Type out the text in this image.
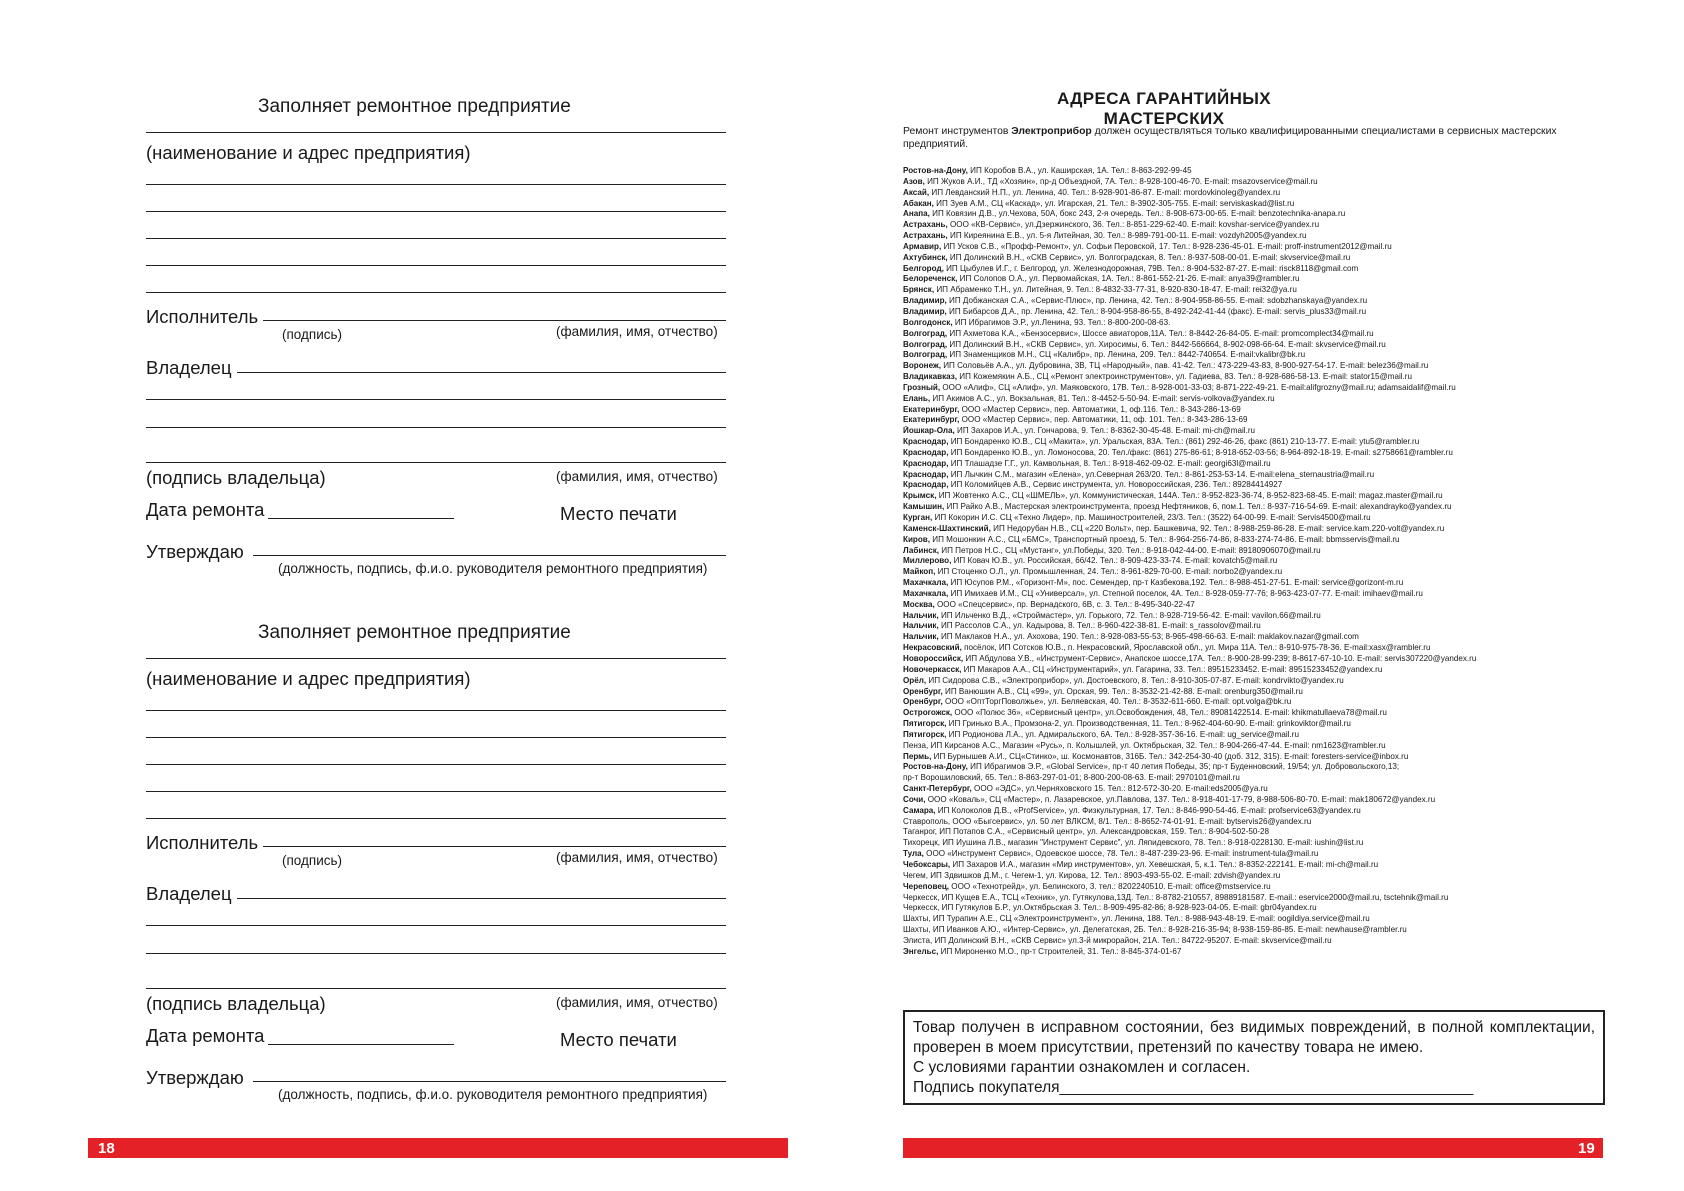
Заполняет ремонтное предприятие
(наименование и адрес предприятия)
Исполнитель
(подпись)	(фамилия, имя, отчество)
Владелец
(подпись владельца)	(фамилия, имя, отчество)
Дата ремонта	Место печати
Утверждаю
(должность, подпись, ф.и.о. руководителя ремонтного предприятия)
Заполняет ремонтное предприятие
(наименование и адрес предприятия)
Исполнитель
(подпись)	(фамилия, имя, отчество)
Владелец
(подпись владельца)	(фамилия, имя, отчество)
Дата ремонта	Место печати
Утверждаю
(должность, подпись, ф.и.о. руководителя ремонтного предприятия)
18
АДРЕСА ГАРАНТИЙНЫХ МАСТЕРСКИХ
Ремонт инструментов Электроприбор должен осуществляться только квалифицированными специалистами в сервисных мастерских предприятий.
Ростов-на-Дону, ИП Коробов В.А., ул. Каширская, 1А. Тел.: 8-863-292-99-45
Азов, ИП Жуков А.И., ТД «Хозяин», пр-д Объездной, 7А. Тел.: 8-928-100-46-70. E-mail: msazovservice@mail.ru
Аксай, ИП Левданский Н.П., ул. Ленина, 40. Тел.: 8-928-901-86-87. E-mail: mordovkinoleg@yandex.ru
Абакан, ИП Зуев А.М., СЦ «Каскад», ул. Игарская, 21. Тел.: 8-3902-305-755. E-mail: serviskaskad@list.ru
Анапа, ИП Ковязин Д.В., ул.Чехова, 50А, бокс 243, 2-я очередь. Тел.: 8-908-673-00-65. E-mail: benzotechnika-anapa.ru
Астрахань, ООО «КВ-Сервис», ул.Дзержинского, 36. Тел.: 8-851-229-62-40. E-mail: kovshar-service@yandex.ru
Астрахань, ИП Киреянина Е.В., ул. 5-я Литейная, 30. Тел.: 8-989-791-00-11. E-mail: vozdyh2005@yandex.ru
Армавир, ИП Усков С.В., «Профф-Ремонт», ул. Софьи Перовской, 17. Тел.: 8-928-236-45-01. E-mail: proff-instrument2012@mail.ru
Ахтубинск, ИП Долинский В.Н., «СКВ Сервис», ул. Волгоградская, 8. Тел.: 8-937-508-00-01. E-mail: skvservice@mail.ru
Белгород, ИП Цыбулев И.Г., г. Белгород, ул. Железнодорожная, 79В. Тел.: 8-904-532-87-27. E-mail: risck8118@gmail.com
Белореченск, ИП Солопов О.А., ул. Первомайская, 1А. Тел.: 8-861-552-21-26. E-mail: anya39@rambler.ru
Брянск, ИП Абраменко Т.Н., ул. Литейная, 9. Тел.: 8-4832-33-77-31, 8-920-830-18-47. E-mail: rei32@ya.ru
Владимир, ИП Добжанская С.А., «Сервис-Плюс», пр. Ленина, 42. Тел.: 8-904-958-86-55. E-mail: sdobzhanskaya@yandex.ru
Владимир, ИП Бибарсов Д.А., пр. Ленина, 42. Тел.: 8-904-958-86-55, 8-492-242-41-44 (факс). E-mail: servis_plus33@mail.ru
Волгодонск, ИП Ибрагимов Э.Р., ул.Ленина, 93. Тел.: 8-800-200-08-63.
Волгоград, ИП Ахметова К.А., «Бензосервис», Шоссе авиаторов,11А. Тел.: 8-8442-26-84-05. E-mail: promcomplect34@mail.ru
Волгоград, ИП Долинский В.Н., «СКВ Сервис», ул. Хиросимы, 6. Тел.: 8442-566664, 8-902-098-66-64. E-mail: skvservice@mail.ru
Волгоград, ИП Знаменщиков М.Н., СЦ «Калибр», пр. Ленина, 209. Тел.: 8442-740654. E-mail:vkalibr@bk.ru
Воронеж, ИП Соловьёв А.А., ул. Дубровина, 3В, ТЦ «Народный», пав. 41-42. Тел.: 473-229-43-83, 8-900-927-54-17. E-mail: belez36@mail.ru
Владикавказ, ИП Кожемякин А.Б., СЦ «Ремонт электроинструментов», ул. Гадиева, 83. Тел.: 8-928-686-58-13. E-mail: stator15@mail.ru
Грозный, ООО «Алиф», СЦ «Алиф», ул. Маяковского, 17В. Тел.: 8-928-001-33-03; 8-871-222-49-21. E-mail:alifgrozny@mail.ru; adamsaidalif@mail.ru
Елань, ИП Акимов А.С., ул. Вокзальная, 81. Тел.: 8-4452-5-50-94. E-mail: servis-volkova@yandex.ru
Екатеринбург, ООО «Мастер Сервис», пер. Автоматики, 1, оф.116. Тел.: 8-343-286-13-69
Екатеринбург, ООО «Мастер Сервис», пер. Автоматики, 11, оф. 101. Тел.: 8-343-286-13-69
Йошкар-Ола, ИП Захаров И.А., ул. Гончарова, 9. Тел.: 8-8362-30-45-48. E-mail: mi-ch@mail.ru
Краснодар, ИП Бондаренко Ю.В., СЦ «Макита», ул. Уральская, 83А. Тел.: (861) 292-46-26, факс (861) 210-13-77. E-mail: ytu5@rambler.ru
Краснодар, ИП Бондаренко Ю.В., ул. Ломоносова, 20. Тел./факс: (861) 275-86-61; 8-918-652-03-56; 8-964-892-18-19. E-mail: s2758661@rambler.ru
Краснодар, ИП Тлашадзе Г.Г., ул. Камвольная, 8. Тел.: 8-918-462-09-02. E-mail: georgi63l@mail.ru
Краснодар, ИП Лычкин С.М., магазин «Елена», ул.Северная 263/20. Тел.: 8-861-253-53-14. E-mail:elena_sternaustria@mail.ru
Краснодар, ИП Коломийцев А.В., Сервис инструмента, ул. Новороссийская, 236. Тел.: 89284414927
Крымск, ИП Жовтенко А.С., СЦ «ШМЕЛЬ», ул. Коммунистическая, 144А. Тел.: 8-952-823-36-74, 8-952-823-68-45. E-mail: magaz.master@mail.ru
Камышин, ИП Райко А.В., Мастерская электроинструмента, проезд Нефтяников, 6, пом.1. Тел.: 8-937-716-54-69. E-mail: alexandrayko@yandex.ru
Курган, ИП Кокорин И.С. СЦ «Техно Лидер», пр. Машиностроителей, 23/3. Тел.: (3522) 64-00-99. E-mail: Servis4500@mail.ru
Каменск-Шахтинский, ИП Недорубан Н.В., СЦ «220 Вольт», пер. Башкевича, 92. Тел.: 8-988-259-86-28. E-mail: service.kam.220-volt@yandex.ru
Киров, ИП Мошонкин А.С., СЦ «БМС», Транспортный проезд, 5. Тел.: 8-964-256-74-86, 8-833-274-74-86. E-mail: bbmsservis@mail.ru
Лабинск, ИП Петров Н.С., СЦ «Мустанг», ул.Победы, 320. Тел.: 8-918-042-44-00. E-mail: 89180906070@mail.ru
Миллерово, ИП Ковач Ю.В., ул. Российская, 66/42. Тел.: 8-909-423-33-74. E-mail: kovatch5@mail.ru
Майкоп, ИП Стоценко О.Л., ул. Промышленная, 24. Тел.: 8-961-829-70-00. E-mail: norbo2@yandex.ru
Махачкала, ИП Юсупов Р.М., «Горизонт-М», пос. Семендер, пр-т Казбекова,192. Тел.: 8-988-451-27-51. E-mail: service@gorizont-m.ru
Махачкала, ИП Имихаев И.М., СЦ «Универсал», ул. Степной поселок, 4А. Тел.: 8-928-059-77-76; 8-963-423-07-77. E-mail: imihaev@mail.ru
Москва, ООО «Спецсервис», пр. Вернадского, 6В, с. 3. Тел.: 8-495-340-22-47
Нальчик, ИП Ильченко В.Д., «Строймастер», ул. Горького, 72. Тел.: 8-928-719-56-42. E-mail: vavilon.66@mail.ru
Нальчик, ИП Рассолов С.А., ул. Кадырова, 8. Тел.: 8-960-422-38-81. E-mail: s_rassolov@mail.ru
Нальчик, ИП Маклаков Н.А., ул. Ахохова, 190. Тел.: 8-928-083-55-53; 8-965-498-66-63. E-mail: maklakov.nazar@gmail.com
Некрасовский, посёлок, ИП Сотсков Ю.В., п. Некрасовский, Ярославской обл., ул. Мира 11А. Тел.: 8-910-975-78-36. E-mail:xasx@rambler.ru
Новороссийск, ИП Абдулова У.В., «Инструмент-Сервис», Анапское шоссе,17А. Тел.: 8-900-28-99-239; 8-8617-67-10-10. E-mail: servis307220@yandex.ru
Новочеркасск, ИП Макаров А.А., СЦ «Инструментарий», ул. Гагарина, 33. Тел.: 89515233452. E-mail: 89515233452@yandex.ru
Орёл, ИП Сидорова С.В., «Электроприбор», ул. Достоевского, 8. Тел.: 8-910-305-07-87. E-mail: kondrvikto@yandex.ru
Оренбург, ИП Ванюшин А.В., СЦ «99», ул. Орская, 99. Тел.: 8-3532-21-42-88. E-mail: orenburg350@mail.ru
Оренбург, ООО «ОптТоргПоволжье», ул. Беляевская, 40. Тел.: 8-3532-611-660. E-mail: opt.volga@bk.ru
Острогожск, ООО «Полюс 36», «Сервисный центр», ул.Освобождения, 48, Тел.: 89081422514. E-mail: khikmatullaeva78@mail.ru
Пятигорск, ИП Гринько В.А., Промзона-2, ул. Производственная, 11. Тел.: 8-962-404-60-90. E-mail: grinkoviktor@mail.ru
Пятигорск, ИП Родионова Л.А., ул. Адмиральского, 6А. Тел.: 8-928-357-36-16. E-mail: ug_service@mail.ru
Пенза, ИП Кирсанов А.С., Магазин «Русь», п. Колышлей, ул. Октябрьская, 32. Тел.: 8-904-266-47-44. E-mail: nm1623@rambler.ru
Пермь, ИП Бурнышев А.И., СЦ«Стинко», ш. Космонавтов, 316Б. Тел.: 342-254-30-40 (доб. 312, 315). E-mail: foresters-service@inbox.ru
Ростов-на-Дону, ИП Ибрагимов Э.Р., «Global Service», пр-т 40 летия Победы, 35; пр-т Буденновский, 19/54; ул. Добровольского,13;
пр-т Ворошиловский, 65. Тел.: 8-863-297-01-01; 8-800-200-08-63. E-mail: 2970101@mail.ru
Санкт-Петербург, ООО «ЭДС», ул.Черняховского 15. Тел.: 812-572-30-20. E-mail:eds2005@ya.ru
Сочи, ООО «Коваль», СЦ «Мастер», п. Лазаревское, ул.Павлова, 137. Тел.: 8-918-401-17-79, 8-988-506-80-70. E-mail: mak180672@yandex.ru
Самара, ИП Колоколов Д.В., «ProfService», ул. Физкультурная, 17. Тел.: 8-846-990-54-46. E-mail: profservice63@yandex.ru
Ставрополь, ООО «Быгсервис», ул. 50 лет ВЛКСМ, 8/1. Тел.: 8-8652-74-01-91. E-mail: bytservis26@yandex.ru
Таганрог, ИП Потапов С.А., «Сервисный центр», ул. Александровская, 159. Тел.: 8-904-502-50-28
Тихорецк, ИП Иушина Л.В., магазин "Инструмент Сервис", ул. Ляпидевского, 78. Тел.: 8-918-0228130. E-mail: iushin@list.ru
Тула, ООО «Инструмент Сервис», Одоевское шоссе, 78. Тел.: 8-487-239-23-96. E-mail: instrument-tula@mail.ru
Чебоксары, ИП Захаров И.А., магазин «Мир инструментов», ул. Хевешская, 5, к.1. Тел.: 8-8352-222141. E-mail: mi-ch@mail.ru
Чегем, ИП Здвишков Д.М., г. Чегем-1, ул. Кирова, 12. Тел.: 8903-493-55-02. E-mail: zdvish@yandex.ru
Череповец, ООО «Технотрейд», ул. Белинского, 3. тел.: 8202240510. E-mail: office@mstservice.ru
Черкесск, ИП Кущев Е.А., ТСЦ «Техник», ул. Гутякулова,13Д. Тел.: 8-8782-210557, 89889181587. E-mail.: eservice2000@mail.ru, tsctehnik@mail.ru
Черкесск, ИП Гутякулов Б.Р., ул.Октябрьская 3. Тел.: 8-909-495-82-86; 8-928-923-04-05. E-mail: gbr04yandex.ru
Шахты, ИП Турапин А.Е., СЦ «Электроинструмент», ул. Ленина, 188. Тел.: 8-988-943-48-19. E-mail: oogildiya.service@mail.ru
Шахты, ИП Иванков А.Ю., «Интер-Сервис», ул. Делегатская, 2Б. Тел.: 8-928-216-35-94; 8-938-159-86-85. E-mail: newhause@rambler.ru
Элиста, ИП Долинский В.Н., «СКВ Сервис» ул.3-й микрорайон, 21А. Тел.: 84722-95207. E-mail: skvservice@mail.ru
Энгельс, ИП Мироненко М.О., пр-т Строителей, 31. Тел.: 8-845-374-01-67

Товар получен в исправном состоянии, без видимых повреждений, в полной комплектации, проверен в моем присутствии, претензий по качеству товара не имею.

С условиями гарантии ознакомлен и согласен.

Подпись покупателя________________________________________________

19
